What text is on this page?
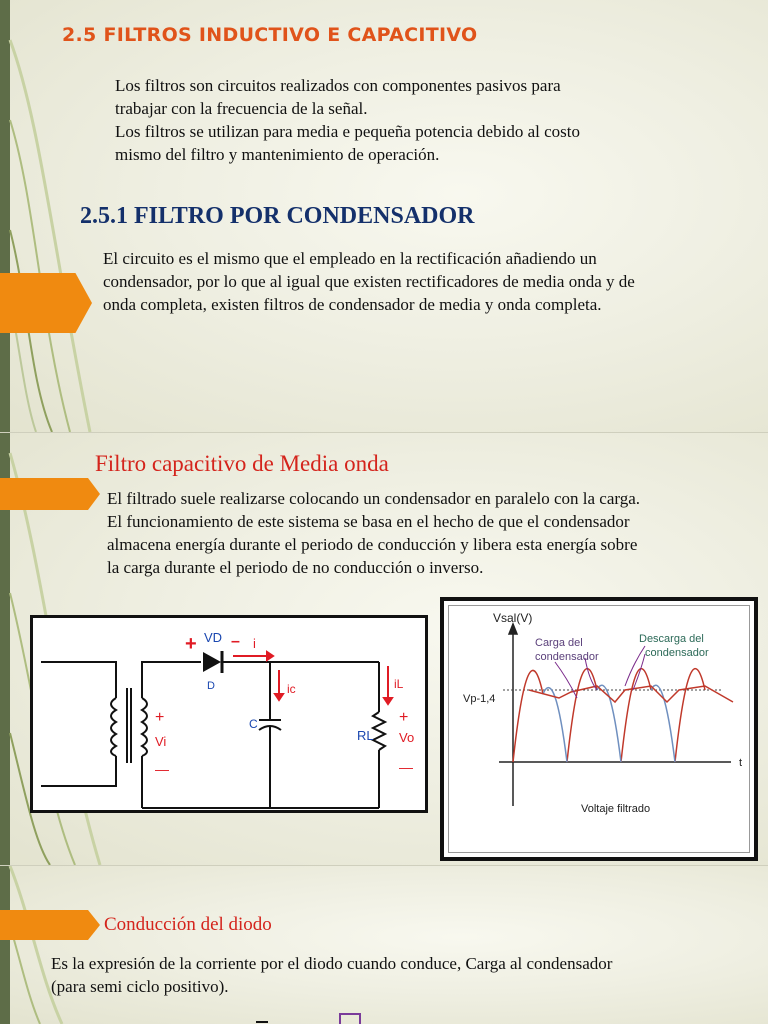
2.5 FILTROS INDUCTIVO E CAPACITIVO

Los filtros son circuitos realizados con componentes pasivos para
trabajar con la frecuencia de la señal.
Los filtros se utilizan para media e pequeña potencia debido al costo
mismo del filtro y mantenimiento de operación.

2.5.1 FILTRO POR CONDENSADOR

El circuito es el mismo que el empleado en la rectificación añadiendo un
condensador, por lo que al igual que existen rectificadores de media onda y de
onda completa, existen filtros de condensador de media y onda completa.

Filtro capacitivo de Media onda

El filtrado suele realizarse colocando un condensador en paralelo con la carga.
El funcionamiento de este sistema se basa en el hecho de que el condensador
almacena energía durante el periodo de conducción y libera esta energía sobre
la carga durante el periodo de no conducción o inverso.

+ VD – i
D	ic
C
iL
RL
+
Vi
—
+
Vo
—
Vsal(V)
Carga del
condensador
Descarga del
condensador
Vp-1,4
t
Voltaje filtrado
Conducción del diodo

Es la expresión de la corriente por el diodo cuando conduce, Carga al condensador
(para semi ciclo positivo).
